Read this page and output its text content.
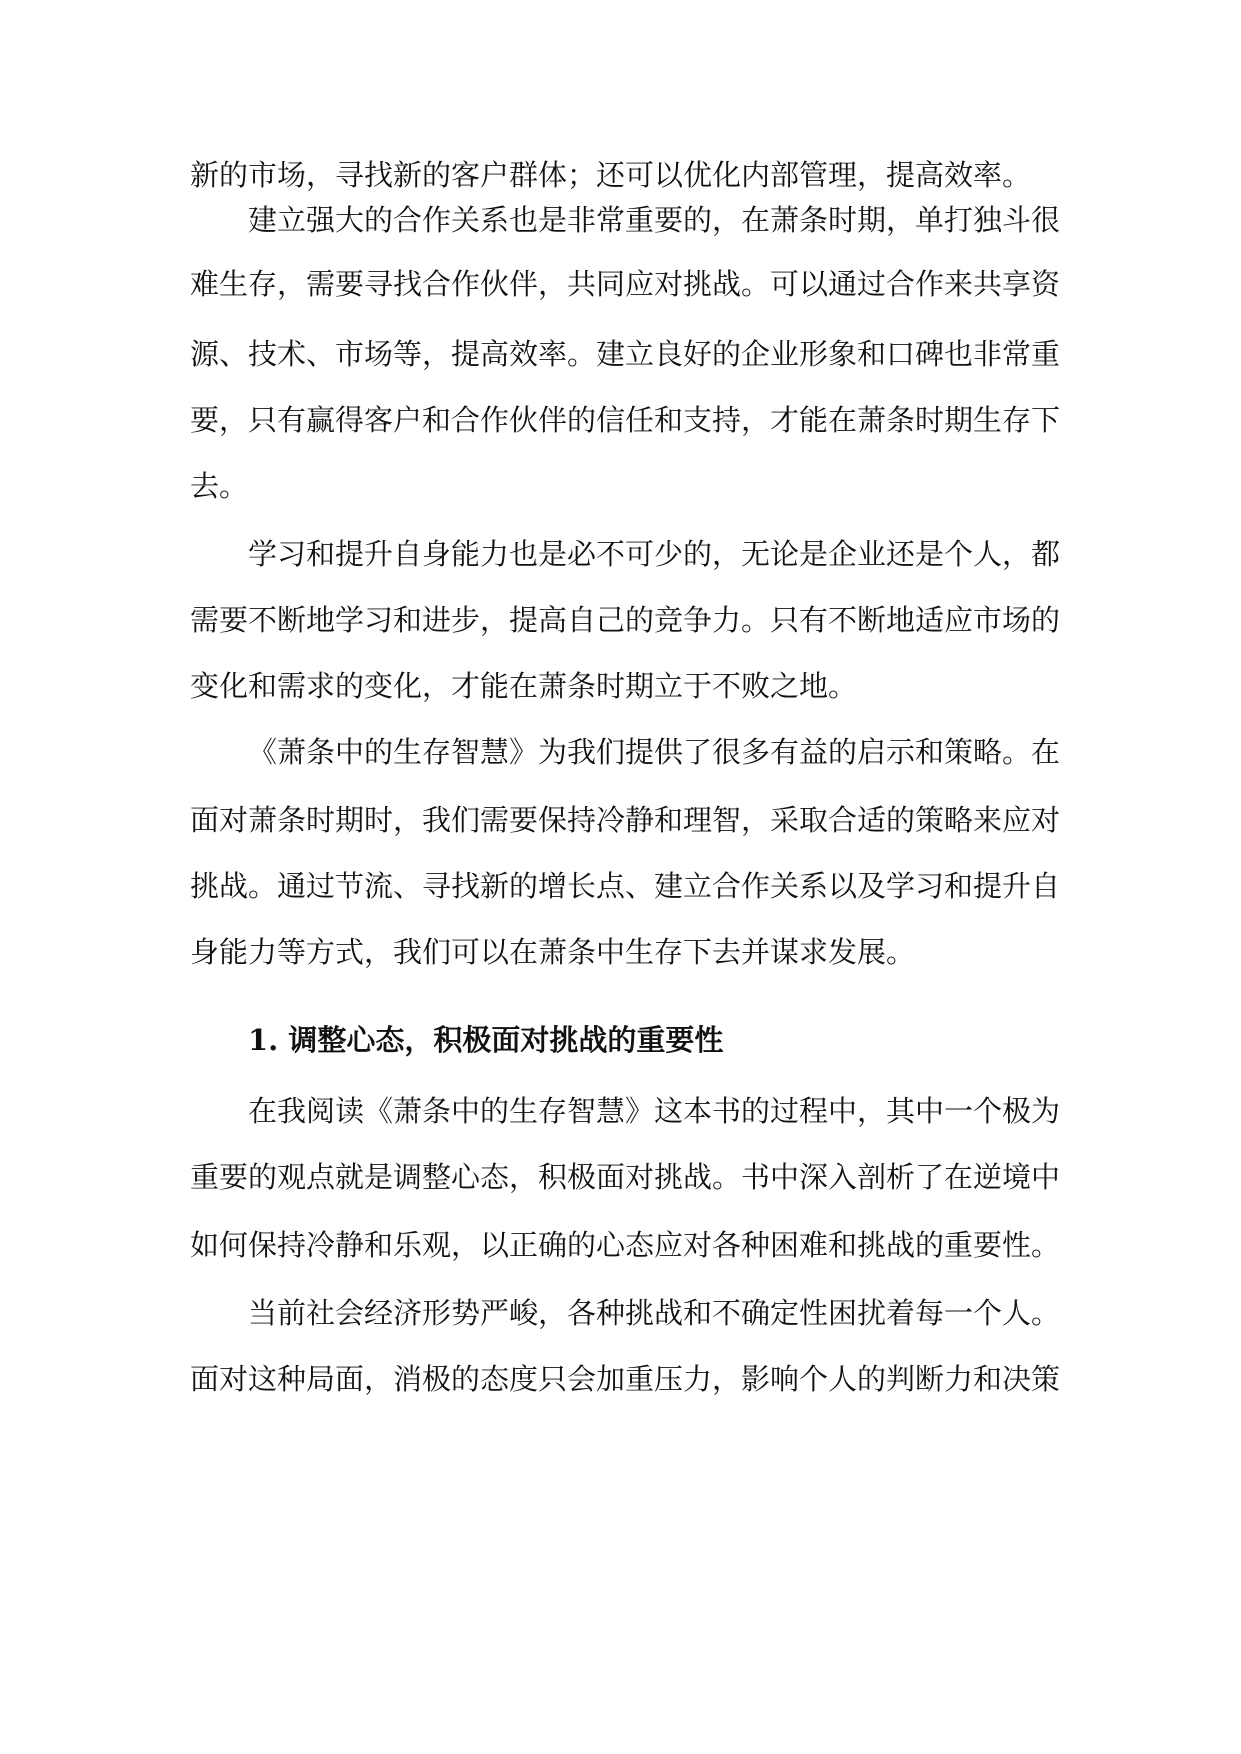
新的市场，寻找新的客户群体；还可以优化内部管理，提高效率。
建立强大的合作关系也是非常重要的，在萧条时期，单打独斗很
难生存，需要寻找合作伙伴，共同应对挑战。可以通过合作来共享资
源、技术、市场等，提高效率。建立良好的企业形象和口碑也非常重
要，只有赢得客户和合作伙伴的信任和支持，才能在萧条时期生存下
去。
学习和提升自身能力也是必不可少的，无论是企业还是个人，都
需要不断地学习和进步，提高自己的竞争力。只有不断地适应市场的
变化和需求的变化，才能在萧条时期立于不败之地。
《萧条中的生存智慧》为我们提供了很多有益的启示和策略。在
面对萧条时期时，我们需要保持冷静和理智，采取合适的策略来应对
挑战。通过节流、寻找新的增长点、建立合作关系以及学习和提升自
身能力等方式，我们可以在萧条中生存下去并谋求发展。
1. 调整心态，积极面对挑战的重要性
在我阅读《萧条中的生存智慧》这本书的过程中，其中一个极为
重要的观点就是调整心态，积极面对挑战。书中深入剖析了在逆境中
如何保持冷静和乐观，以正确的心态应对各种困难和挑战的重要性。
当前社会经济形势严峻，各种挑战和不确定性困扰着每一个人。
面对这种局面，消极的态度只会加重压力，影响个人的判断力和决策
